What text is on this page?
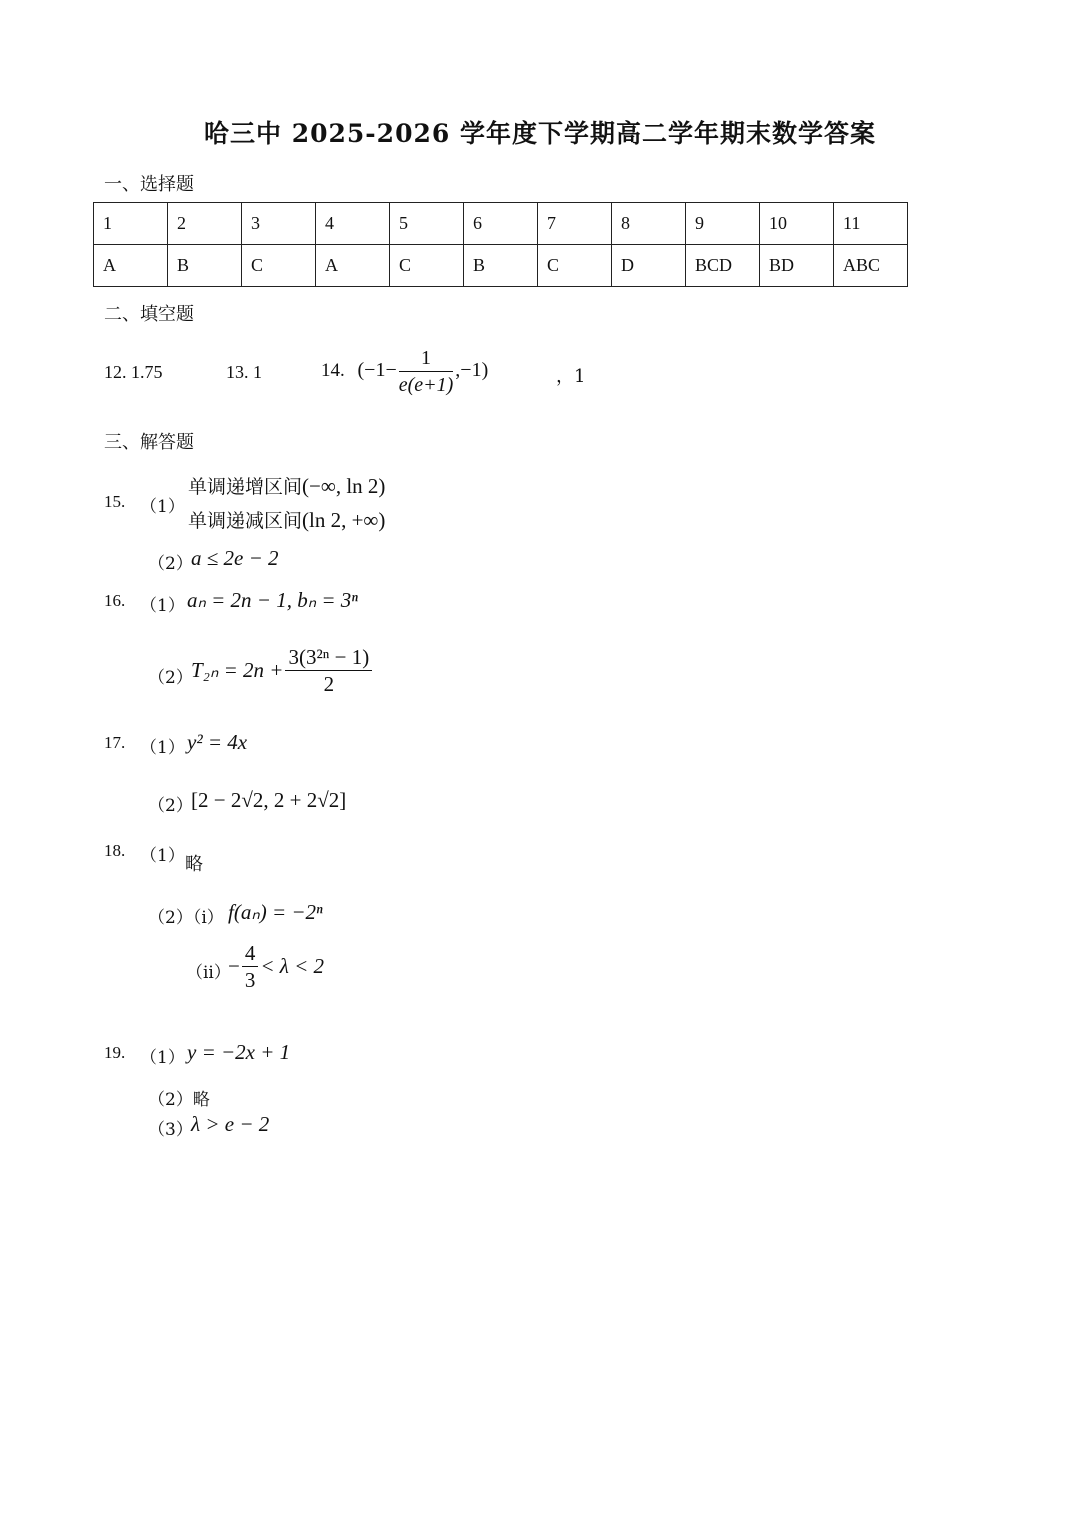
哈三中 2025-2026 学年度下学期高二学年期末数学答案
一、选择题
1	2	3	4	5	6	7	8	9	10	11
A	B	C	A	C	B	C	D	BCD	BD	ABC
二、填空题
12. 1.75	13. 1	14. $(-1- \frac{1}{e(e+1)} ,-1)$	，1
三、解答题
15. （1）
单调递增区间(−∞, ln 2)
单调递减区间(ln 2, +∞)
（2）
a ≤ 2e − 2
16. （1） aₙ = 2n − 1, bₙ = 3ⁿ
（2）
$T_{2n} = 2n + \frac{\text{3(3²ⁿ − 1)}}{2}$
17. （1） y² = 4x
（2）
[2 − 2√2, 2 + 2√2]
18. （1） 略
（2）（i） f(aₙ) = −2ⁿ
（ii）
− $\frac{4}{3} < \lambda < 2$
19. （1） y = −2x + 1
（2）略
（3）
λ > e − 2
